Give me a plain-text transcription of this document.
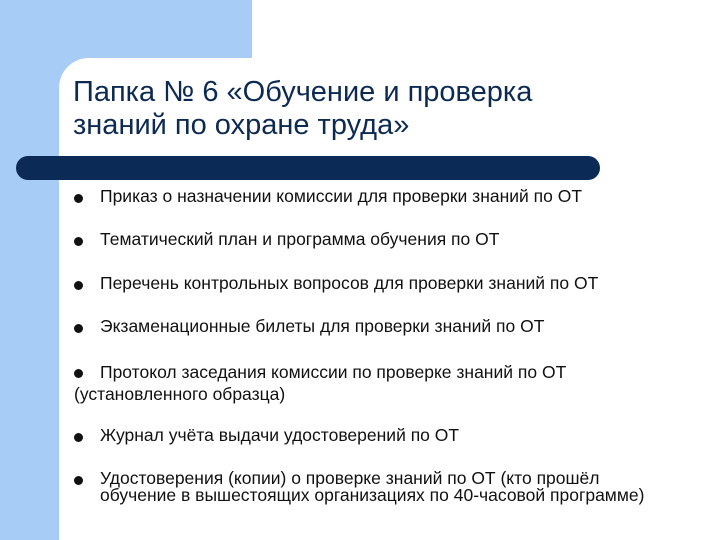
Папка № 6 «Обучение и проверка
знаний по охране труда»
Приказ о назначении комиссии для проверки знаний по ОТ
Тематический план и программа обучения по ОТ
Перечень контрольных вопросов для проверки знаний по ОТ
Экзаменационные билеты для проверки знаний по ОТ
Протокол заседания комиссии по проверке знаний по ОТ (установленного образца)
Журнал учёта выдачи удостоверений по ОТ
Удостоверения (копии) о проверке знаний по ОТ (кто прошёл обучение в вышестоящих организациях по 40-часовой программе)
